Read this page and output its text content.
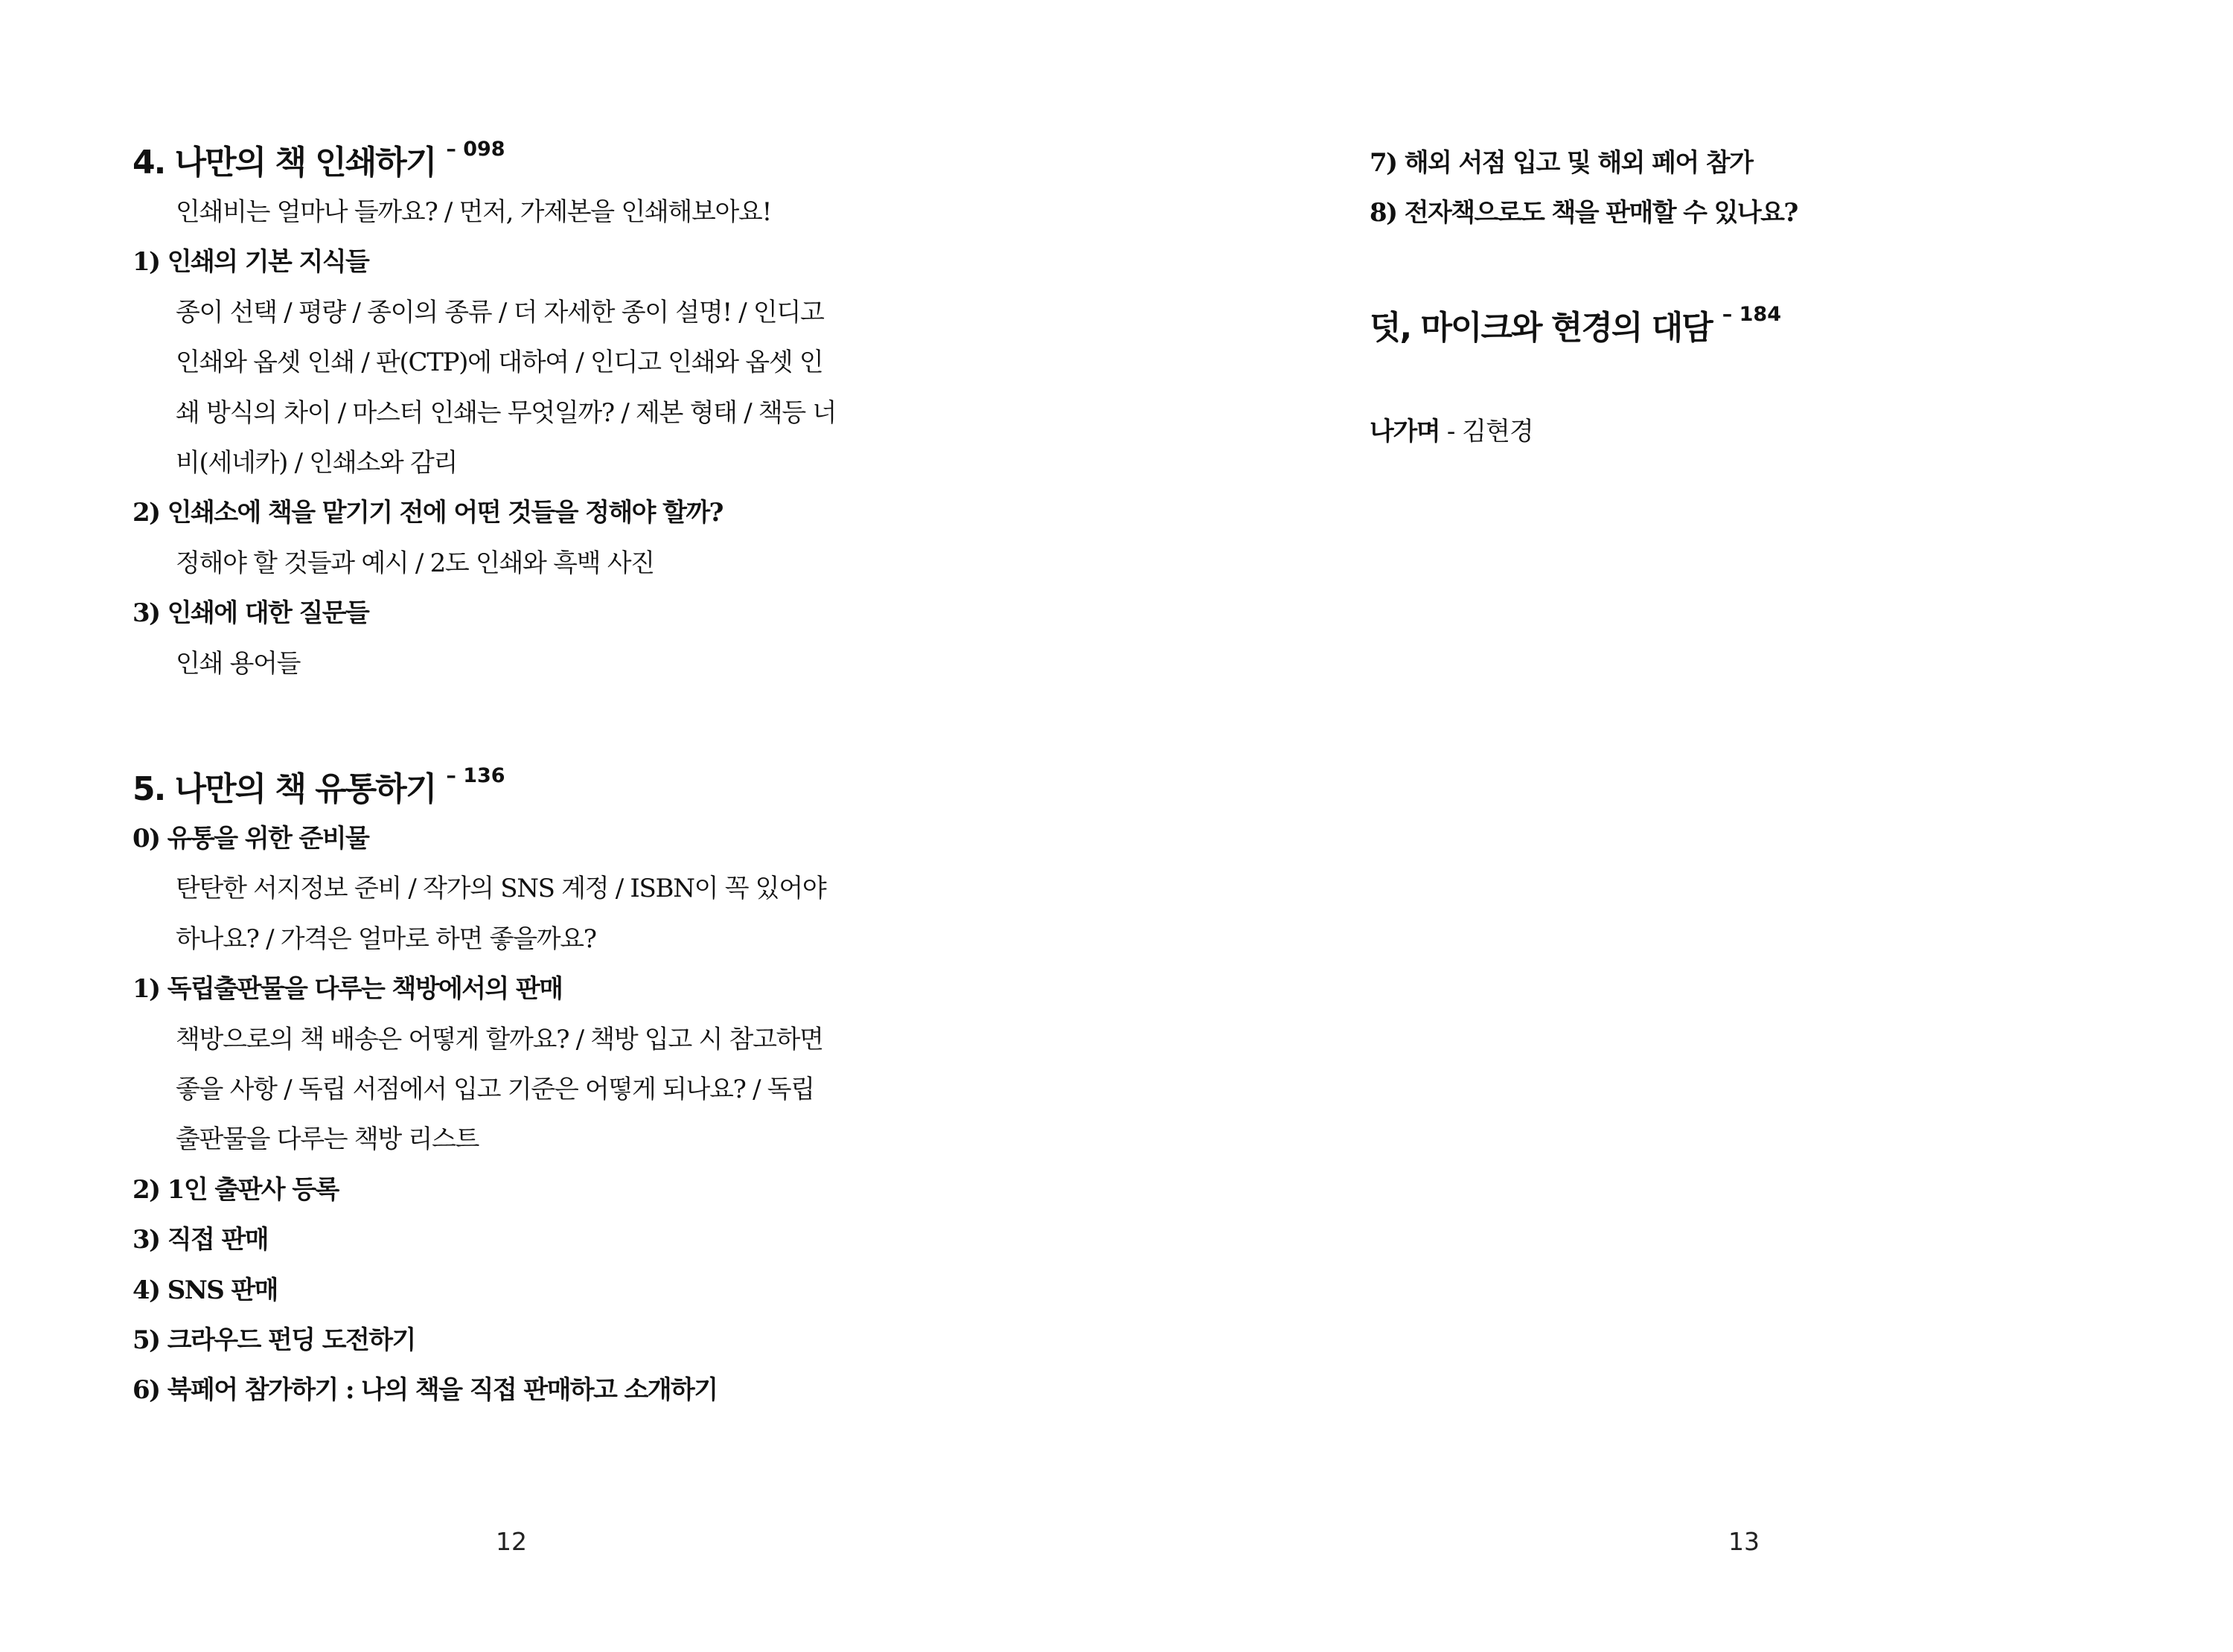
4. 나만의 책 인쇄하기 $^{- 098}$
인쇄비는 얼마나 들까요? / 먼저, 가제본을 인쇄해보아요!
1) 인쇄의 기본 지식들
종이 선택 / 평량 / 종이의 종류 / 더 자세한 종이 설명! / 인디고
인쇄와 옵셋 인쇄 / 판(CTP)에 대하여 / 인디고 인쇄와 옵셋 인
쇄 방식의 차이 / 마스터 인쇄는 무엇일까? / 제본 형태 / 책등 너
비(세네카) / 인쇄소와 감리
2) 인쇄소에 책을 맡기기 전에 어떤 것들을 정해야 할까?
정해야 할 것들과 예시 / 2도 인쇄와 흑백 사진
3) 인쇄에 대한 질문들
인쇄 용어들
5. 나만의 책 유통하기 $^{- 136}$
0) 유통을 위한 준비물
탄탄한 서지정보 준비 / 작가의 SNS 계정 / ISBN이 꼭 있어야
하나요? / 가격은 얼마로 하면 좋을까요?
1) 독립출판물을 다루는 책방에서의 판매
책방으로의 책 배송은 어떻게 할까요? / 책방 입고 시 참고하면
좋을 사항 / 독립 서점에서 입고 기준은 어떻게 되나요? / 독립
출판물을 다루는 책방 리스트
2) 1인 출판사 등록
3) 직접 판매
4) SNS 판매
5) 크라우드 펀딩 도전하기
6) 북페어 참가하기 : 나의 책을 직접 판매하고 소개하기
12
7) 해외 서점 입고 및 해외 페어 참가
8) 전자책으로도 책을 판매할 수 있나요?
덧, 마이크와 현경의 대담 $^{- 184}$
나가며 - 김현경
13
